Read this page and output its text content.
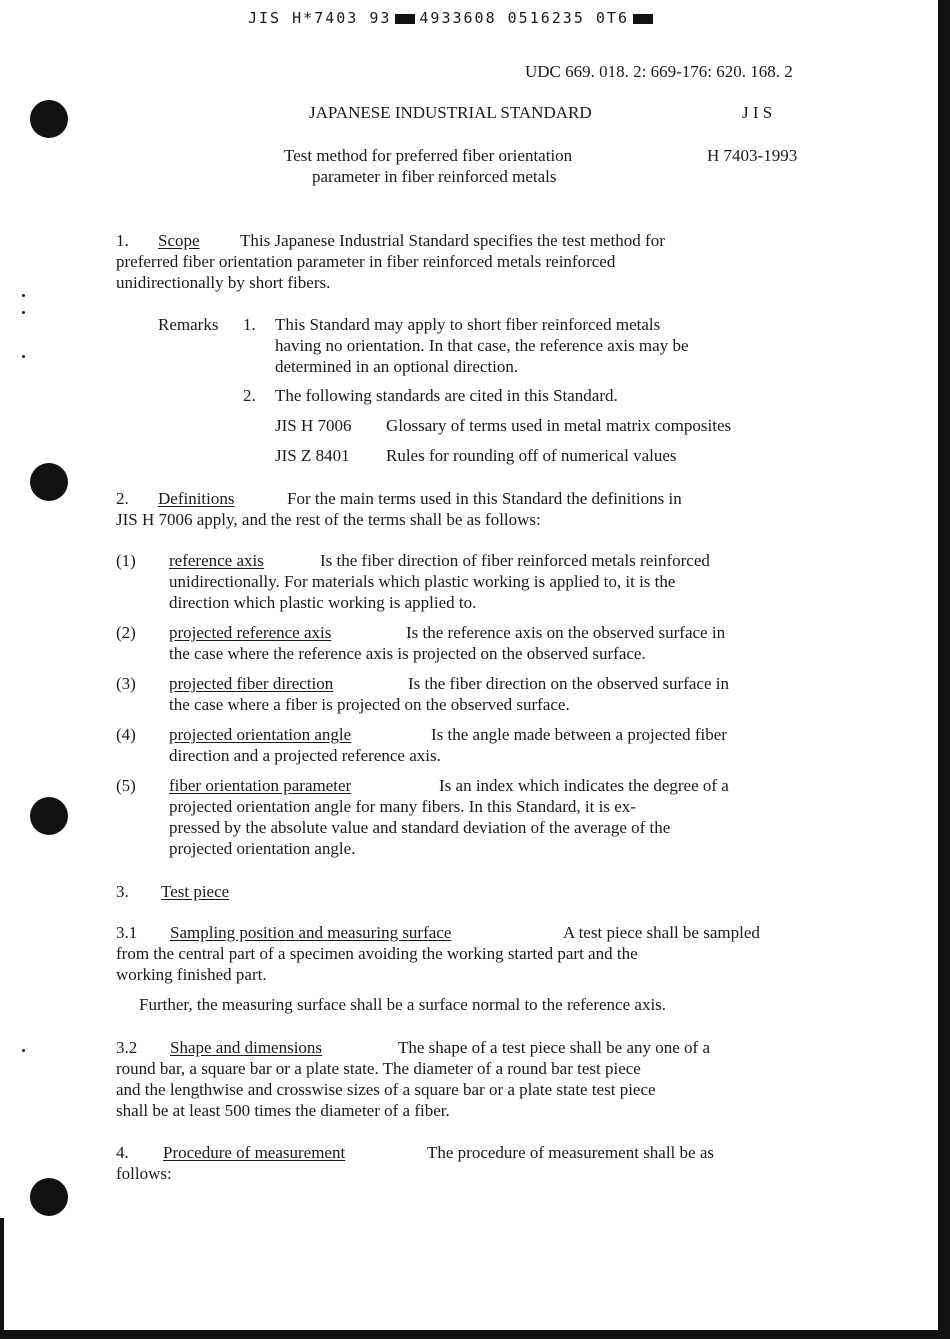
JIS H*7403 93 4933608 0516235 0T6
UDC 669. 018. 2: 669-176: 620. 168. 2
JAPANESE INDUSTRIAL STANDARD	J I S
Test method for preferred fiber orientation
parameter in fiber reinforced metals
H 7403-1993
1. Scope This Japanese Industrial Standard specifies the test method for
preferred fiber orientation parameter in fiber reinforced metals reinforced
unidirectionally by short fibers.
Remarks 1. This Standard may apply to short fiber reinforced metals
having no orientation. In that case, the reference axis may be
determined in an optional direction.
2. The following standards are cited in this Standard.
JIS H 7006 Glossary of terms used in metal matrix composites
JIS Z 8401 Rules for rounding off of numerical values
2. Definitions	For the main terms used in this Standard the definitions in
JIS H 7006 apply, and the rest of the terms shall be as follows:
(1) reference axis	Is the fiber direction of fiber reinforced metals reinforced
unidirectionally. For materials which plastic working is applied to, it is the
direction which plastic working is applied to.
(2) projected reference axis	Is the reference axis on the observed surface in
the case where the reference axis is projected on the observed surface.
(3) projected fiber direction	Is the fiber direction on the observed surface in
the case where a fiber is projected on the observed surface.
(4) projected orientation angle	Is the angle made between a projected fiber
direction and a projected reference axis.
(5) fiber orientation parameter	Is an index which indicates the degree of a
projected orientation angle for many fibers. In this Standard, it is ex-
pressed by the absolute value and standard deviation of the average of the
projected orientation angle.
3. Test piece
3.1 Sampling position and measuring surface	A test piece shall be sampled
from the central part of a specimen avoiding the working started part and the
working finished part.
Further, the measuring surface shall be a surface normal to the reference axis.
3.2 Shape and dimensions	The shape of a test piece shall be any one of a
round bar, a square bar or a plate state. The diameter of a round bar test piece
and the lengthwise and crosswise sizes of a square bar or a plate state test piece
shall be at least 500 times the diameter of a fiber.
4. Procedure of measurement	The procedure of measurement shall be as
follows:
